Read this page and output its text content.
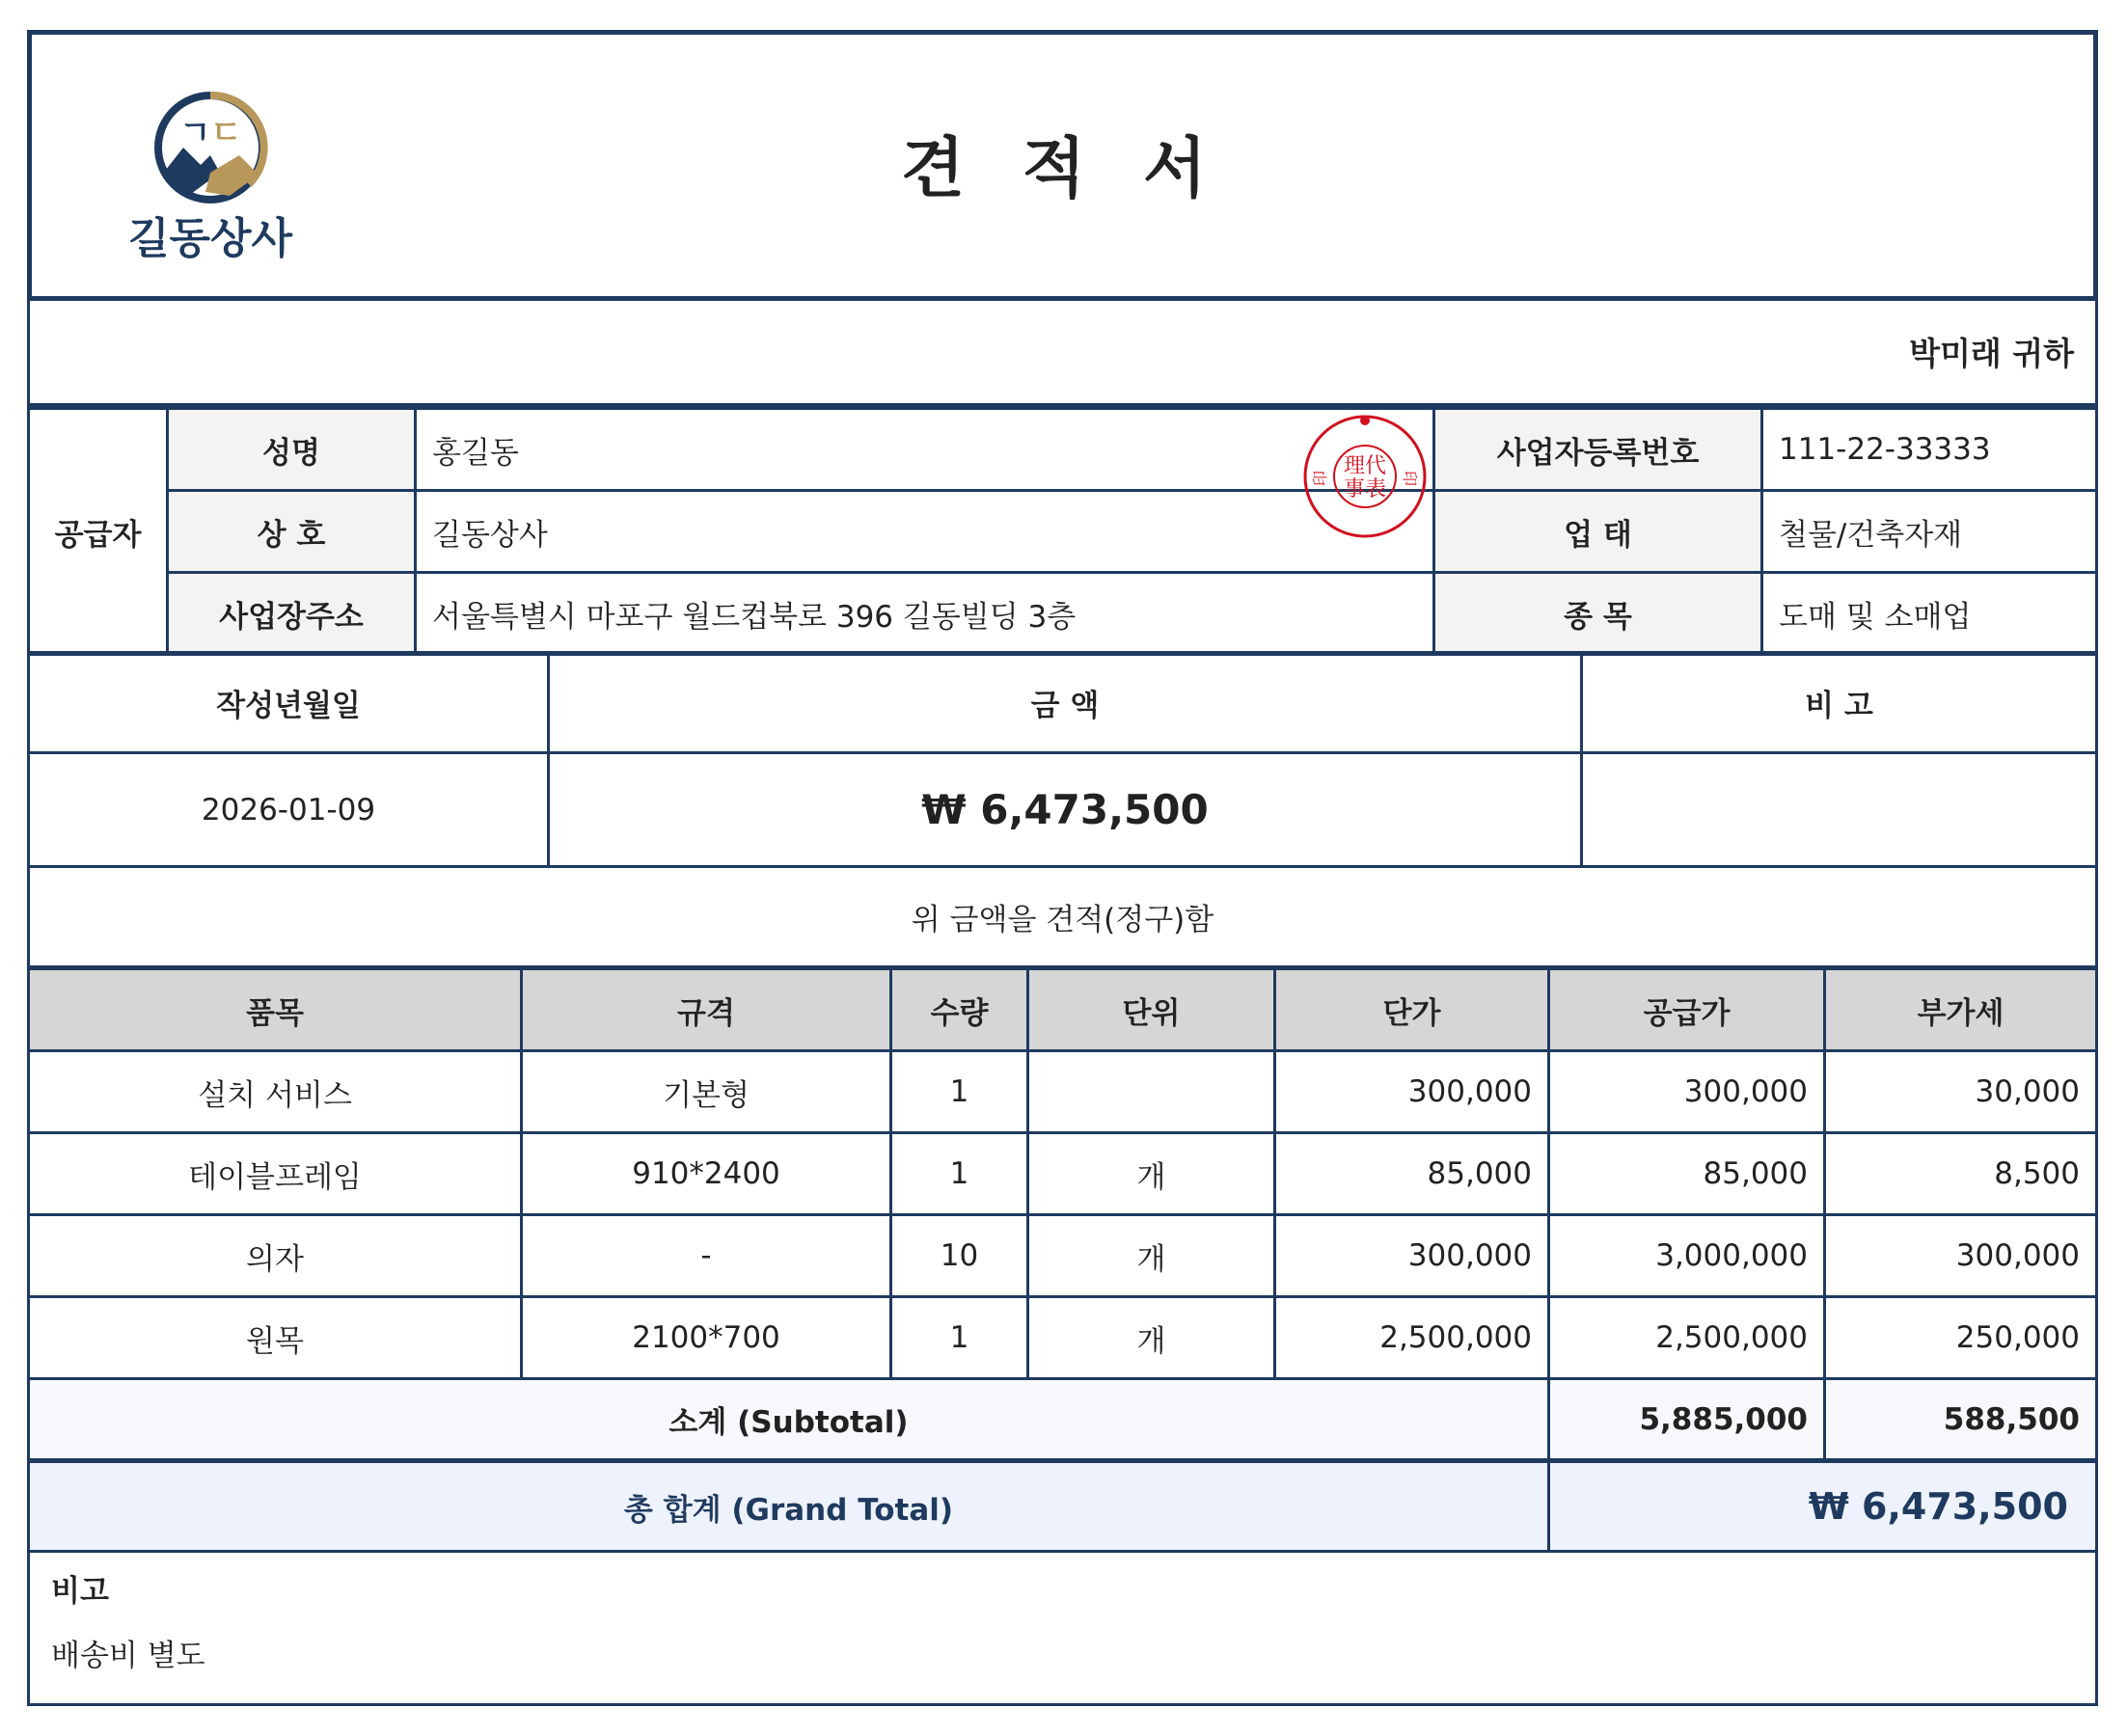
ㄱ ㄷ
길동상사
견 적 서
박미래 귀하
공급자	성명	홍길동	사업자등록번호	111-22-33333
	상 호	길동상사	업 태	철물/건축자재
	사업장주소	서울특별시 마포구 월드컵북로 396 길동빌딩 3층	종 목	도매 및 소매업
理代
事表
印	印
작성년월일	금 액	비 고
2026-01-09	₩ 6,473,500	
위 금액을 견적(정구)함		
품목	규격	수량	단위	단가	공급가	부가세
설치 서비스	기본형	1		300,000	300,000	30,000
테이블프레임	910*2400	1	개	85,000	85,000	8,500
의자	-	10	개	300,000	3,000,000	300,000
원목	2100*700	1	개	2,500,000	2,500,000	250,000
소계 (Subtotal)					5,885,000	588,500
총 합계 (Grand Total)					₩ 6,473,500	
비고
배송비 별도
